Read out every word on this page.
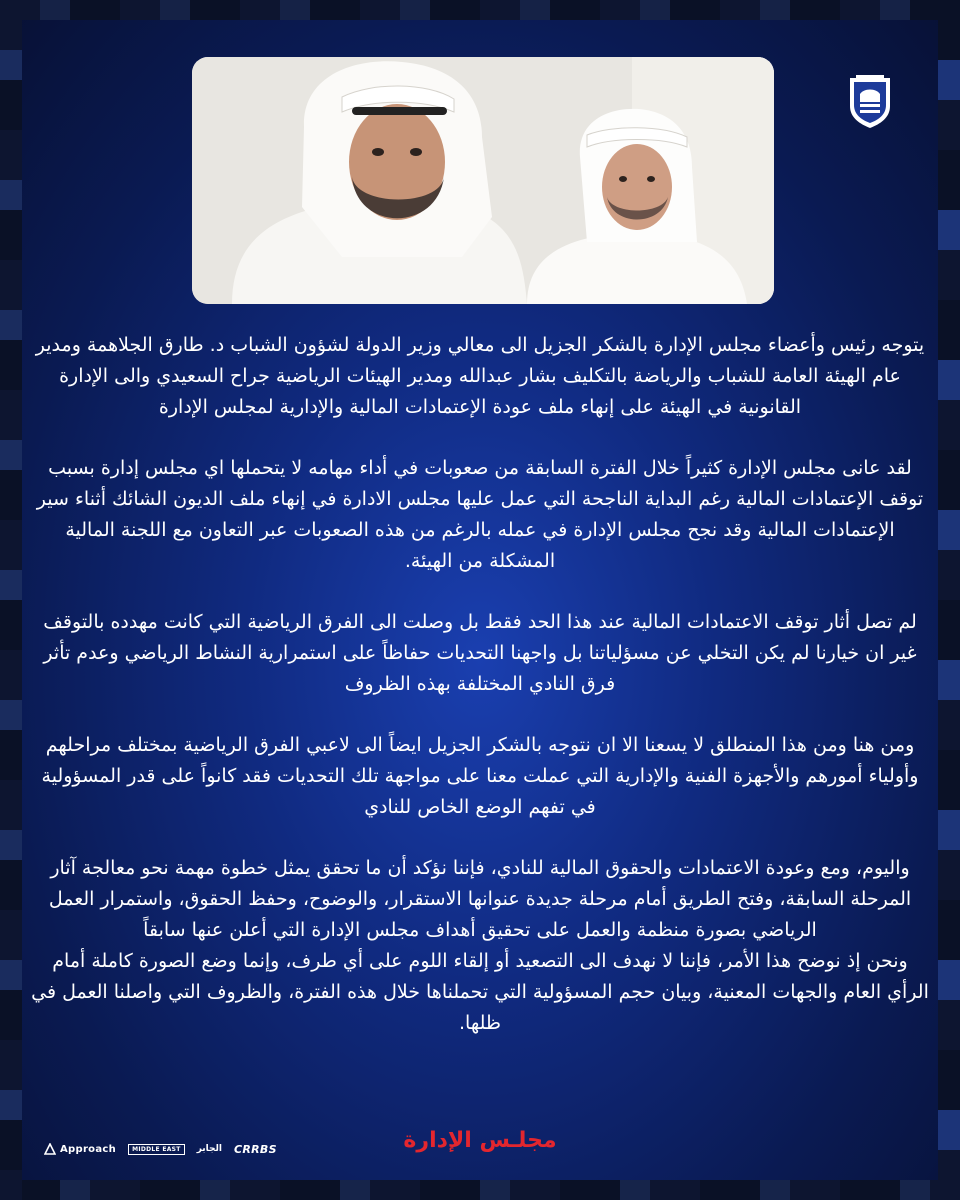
يتوجه رئيس وأعضاء مجلس الإدارة بالشكر الجزيل الى معالي وزير الدولة لشؤون الشباب د. طارق الجلاهمة ومدير عام الهيئة العامة للشباب والرياضة بالتكليف بشار عبدالله ومدير الهيئات الرياضية جراح السعيدي والى الإدارة القانونية في الهيئة على إنهاء ملف عودة الإعتمادات المالية والإدارية لمجلس الإدارة

لقد عانى مجلس الإدارة كثيراً خلال الفترة السابقة من صعوبات في أداء مهامه لا يتحملها اي مجلس إدارة بسبب توقف الإعتمادات المالية رغم البداية الناجحة التي عمل عليها مجلس الادارة في إنهاء ملف الديون الشائك أثناء سير الإعتمادات المالية وقد نجح مجلس الإدارة في عمله بالرغم من هذه الصعوبات عبر التعاون مع اللجنة المالية المشكلة من الهيئة.

لم تصل أثار توقف الاعتمادات المالية عند هذا الحد فقط بل وصلت الى الفرق الرياضية التي كانت مهدده بالتوقف غير ان خيارنا لم يكن التخلي عن مسؤلياتنا بل واجهنا التحديات حفاظاً على استمرارية النشاط الرياضي وعدم تأثر فرق النادي المختلفة بهذه الظروف

ومن هنا ومن هذا المنطلق لا يسعنا الا ان نتوجه بالشكر الجزيل ايضاً الى لاعبي الفرق الرياضية بمختلف مراحلهم وأولياء أمورهم والأجهزة الفنية والإدارية التي عملت معنا على مواجهة تلك التحديات فقد كانواً على قدر المسؤولية في تفهم الوضع الخاص للنادي

واليوم، ومع وعودة الاعتمادات والحقوق المالية للنادي، فإننا نؤكد أن ما تحقق يمثل خطوة مهمة نحو معالجة آثار المرحلة السابقة، وفتح الطريق أمام مرحلة جديدة عنوانها الاستقرار، والوضوح، وحفظ الحقوق، واستمرار العمل الرياضي بصورة منظمة والعمل على تحقيق أهداف مجلس الإدارة التي أعلن عنها سابقاً

ونحن إذ نوضح هذا الأمر، فإننا لا نهدف الى التصعيد أو إلقاء اللوم على أي طرف، وإنما وضع الصورة كاملة أمام الرأي العام والجهات المعنية، وبيان حجم المسؤولية التي تحملناها خلال هذه الفترة، والظروف التي واصلنا العمل في ظلها.

مجلـس الإدارة
Approach	MIDDLE EAST	الجابر CRRBS
